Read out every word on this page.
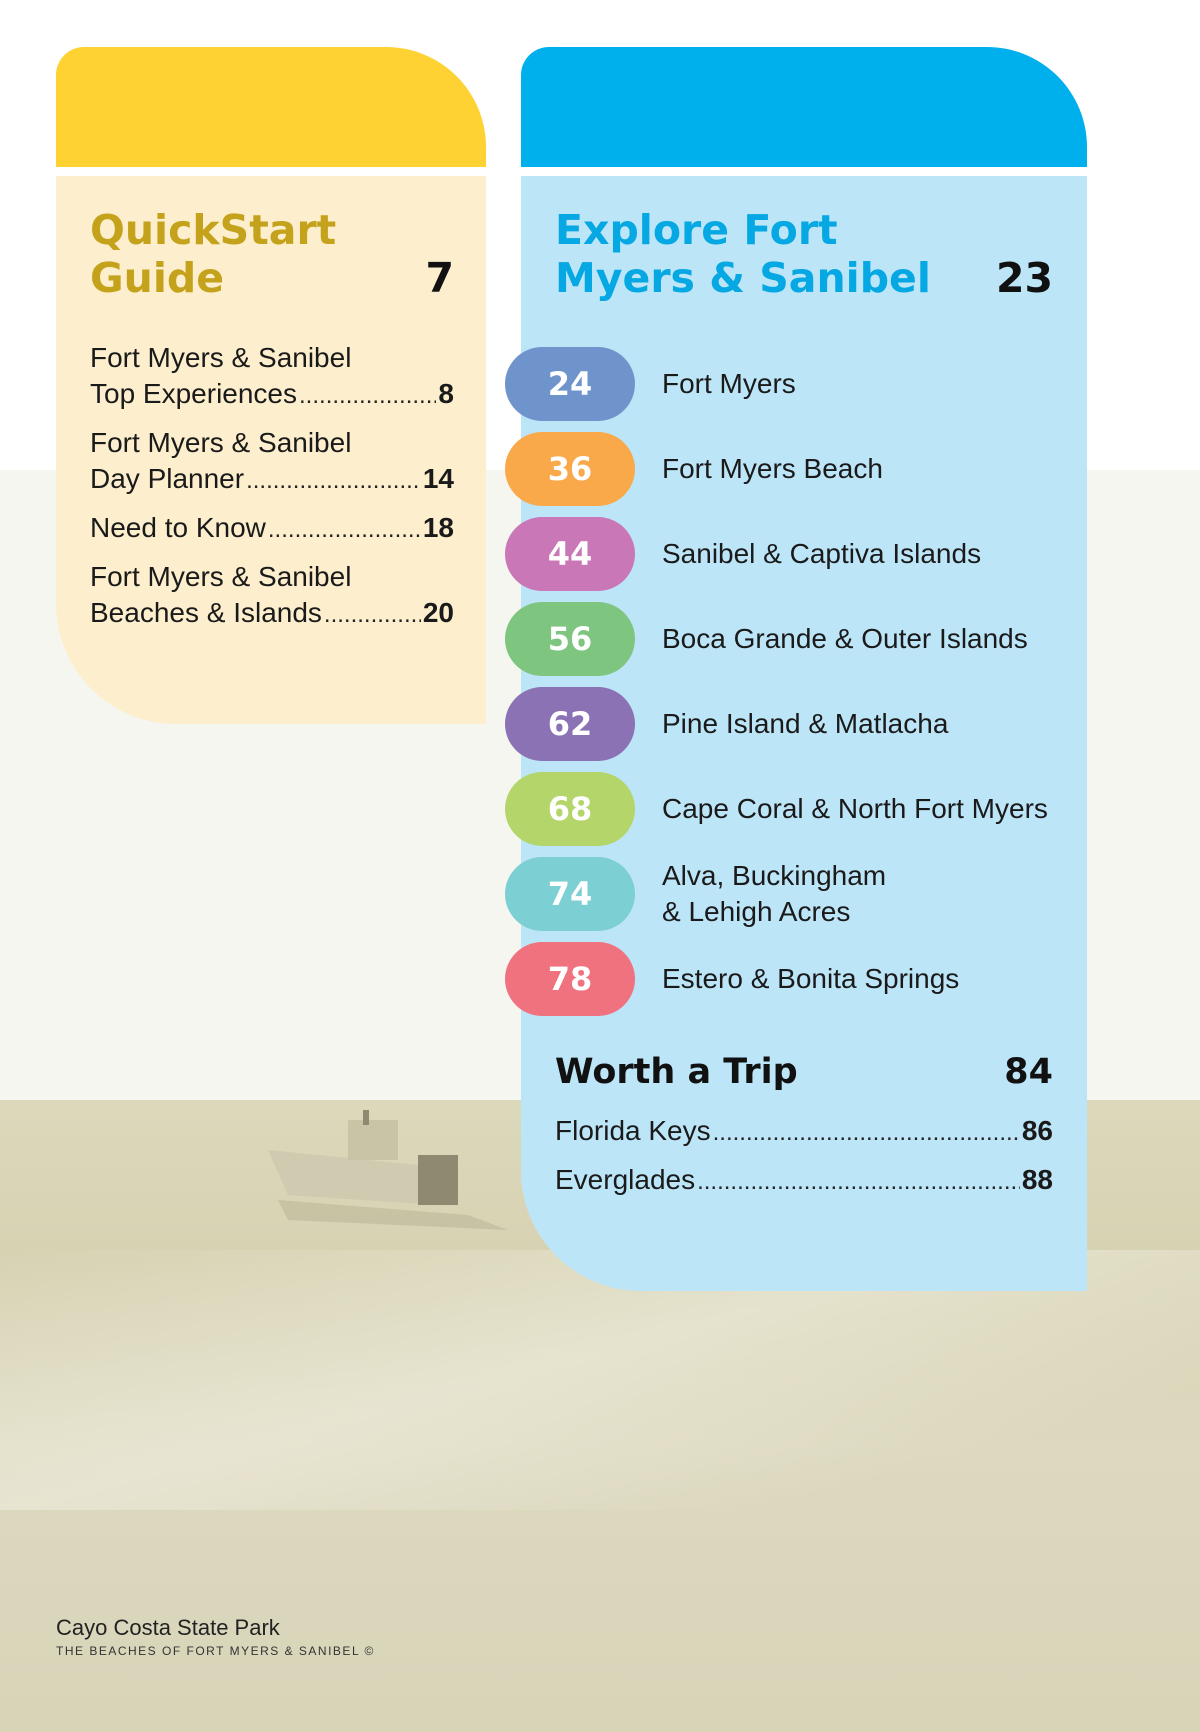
QuickStart Guide	7
Fort Myers & Sanibel
Top Experiences .....	8
Fort Myers & Sanibel
Day Planner .....	14
Need to Know .....	18
Fort Myers & Sanibel
Beaches & Islands .....	20
Explore Fort Myers & Sanibel	23
24	Fort Myers
36	Fort Myers Beach
44	Sanibel & Captiva Islands
56	Boca Grande & Outer Islands
62	Pine Island & Matlacha
68	Cape Coral & North Fort Myers
74	Alva, Buckingham
& Lehigh Acres
78	Estero & Bonita Springs
Worth a Trip	84
Florida Keys .....	86
Everglades .....	88
Cayo Costa State Park
THE BEACHES OF FORT MYERS & SANIBEL ©
